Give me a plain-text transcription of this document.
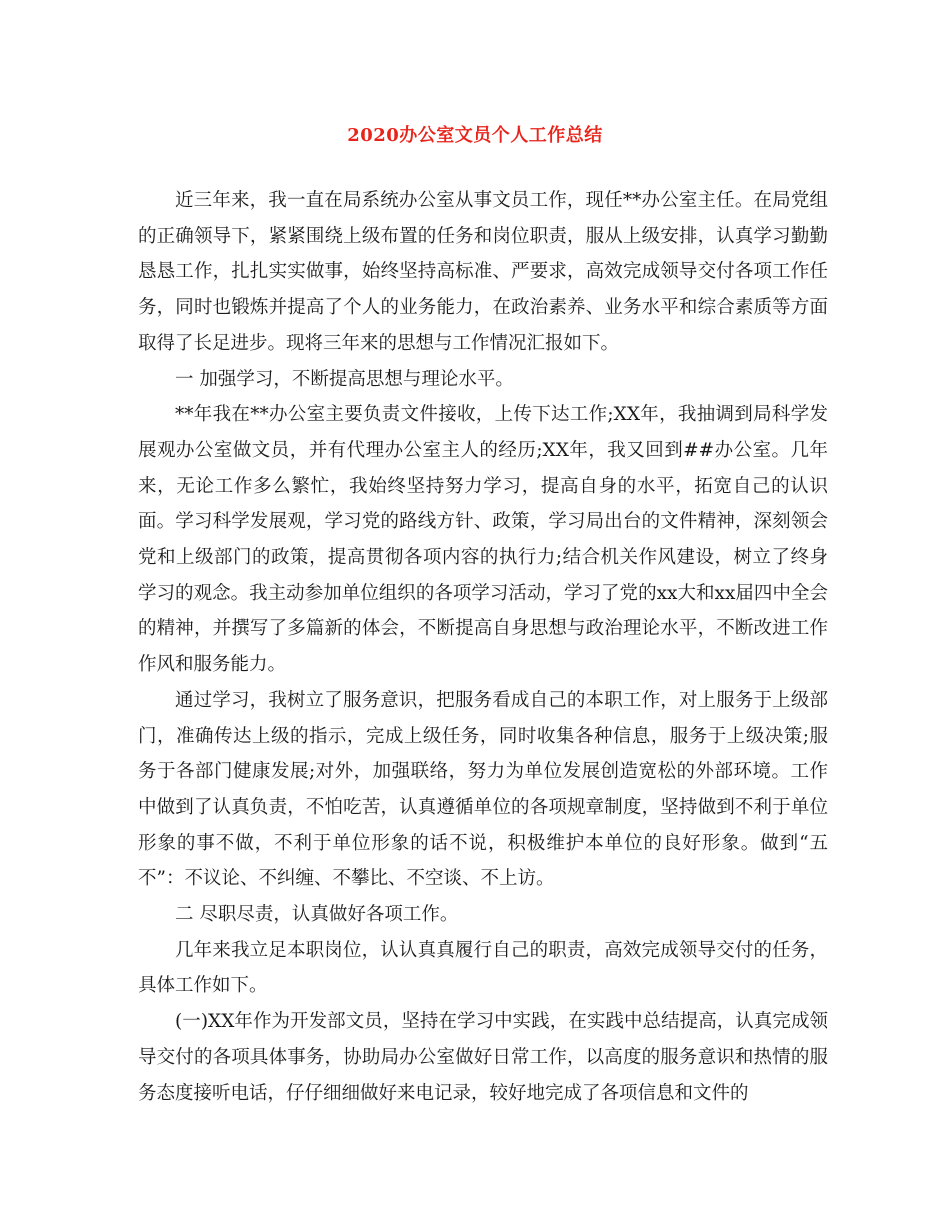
2020办公室文员个人工作总结

近三年来，我一直在局系统办公室从事文员工作，现任**办公室主任。在局党组的正确领导下，紧紧围绕上级布置的任务和岗位职责，服从上级安排，认真学习勤勤恳恳工作，扎扎实实做事，始终坚持高标准、严要求，高效完成领导交付各项工作任务，同时也锻炼并提高了个人的业务能力，在政治素养、业务水平和综合素质等方面取得了长足进步。现将三年来的思想与工作情况汇报如下。

一 加强学习，不断提高思想与理论水平。

**年我在**办公室主要负责文件接收，上传下达工作;XX年，我抽调到局科学发展观办公室做文员，并有代理办公室主人的经历;XX年，我又回到##办公室。几年来，无论工作多么繁忙，我始终坚持努力学习，提高自身的水平，拓宽自己的认识面。学习科学发展观，学习党的路线方针、政策，学习局出台的文件精神，深刻领会党和上级部门的政策，提高贯彻各项内容的执行力;结合机关作风建设，树立了终身学习的观念。我主动参加单位组织的各项学习活动，学习了党的xx大和xx届四中全会的精神，并撰写了多篇新的体会，不断提高自身思想与政治理论水平，不断改进工作作风和服务能力。

通过学习，我树立了服务意识，把服务看成自己的本职工作，对上服务于上级部门，准确传达上级的指示，完成上级任务，同时收集各种信息，服务于上级决策;服务于各部门健康发展;对外，加强联络，努力为单位发展创造宽松的外部环境。工作中做到了认真负责，不怕吃苦，认真遵循单位的各项规章制度，坚持做到不利于单位形象的事不做，不利于单位形象的话不说，积极维护本单位的良好形象。做到“五不”：不议论、不纠缠、不攀比、不空谈、不上访。

二 尽职尽责，认真做好各项工作。

几年来我立足本职岗位，认认真真履行自己的职责，高效完成领导交付的任务，具体工作如下。

(一)XX年作为开发部文员，坚持在学习中实践，在实践中总结提高，认真完成领导交付的各项具体事务，协助局办公室做好日常工作，以高度的服务意识和热情的服务态度接听电话，仔仔细细做好来电记录，较好地完成了各项信息和文件的
